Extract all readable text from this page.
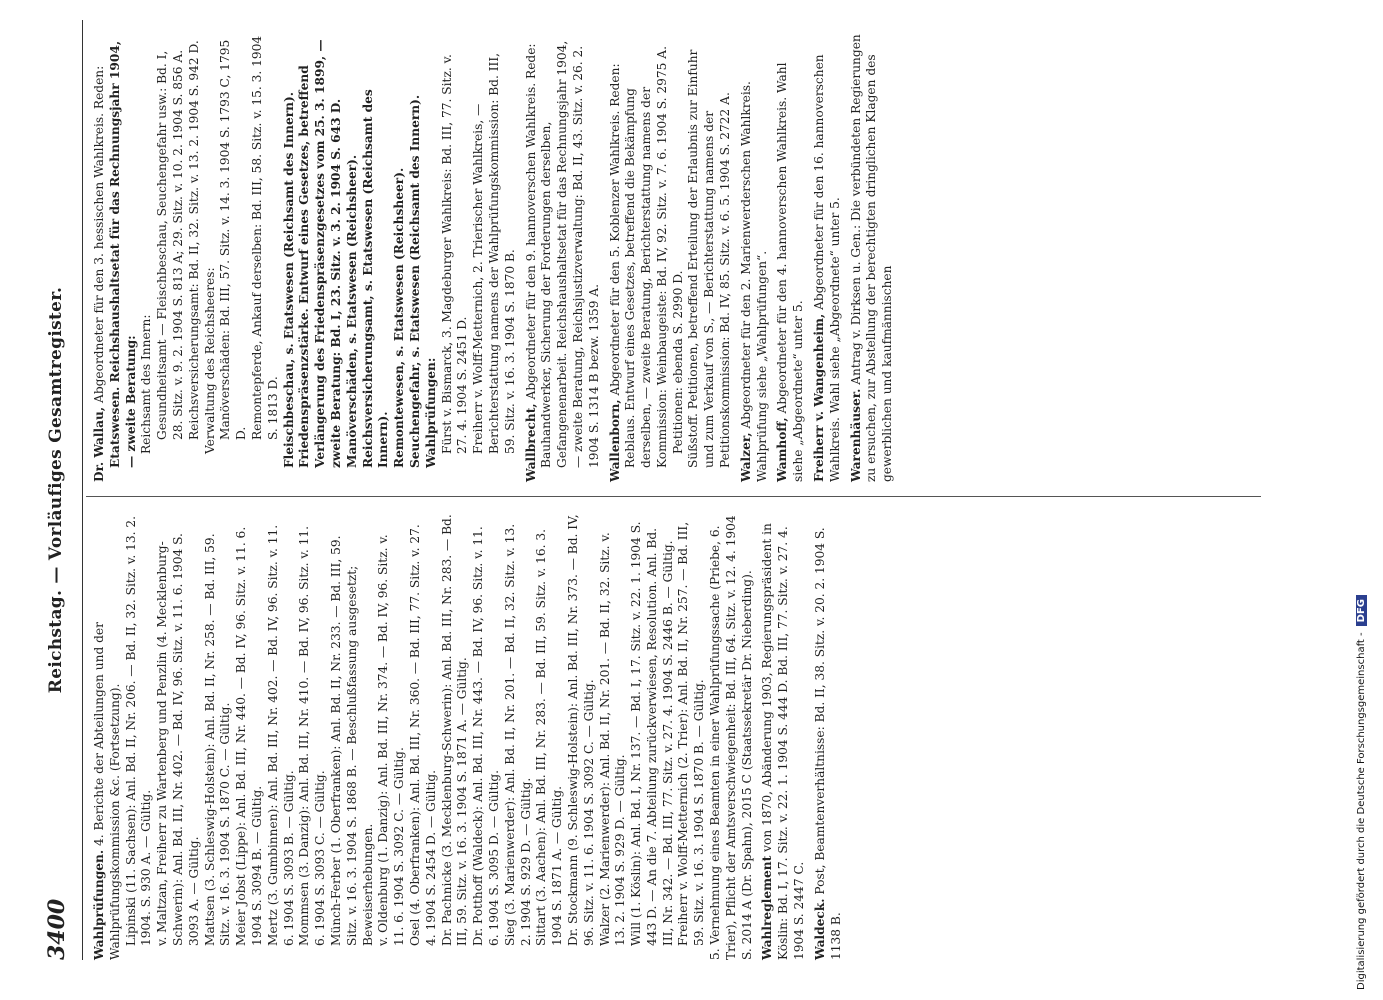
3400
Reichstag. — Vorläufiges Gesamtregister.

Wahlprüfungen. 4. Berichte der Abteilungen und der Wahlprüfungskommission &c. (Fortsetzung). Lipinski (11. Sachsen): Anl. Bd. II, Nr. 206. — Bd. II, 32. Sitz. v. 13. 2. 1904. S. 930 A. — Gültig. v. Maltzan, Freiherr zu Wartenberg und Penzlin (4. Mecklenburg-Schwerin): Anl. Bd. III, Nr. 402. — Bd. IV, 96. Sitz. v. 11. 6. 1904 S. 3093 A. — Gültig. Mattsen (3. Schleswig-Holstein): Anl. Bd. II, Nr. 258. — Bd. III, 59. Sitz. v. 16. 3. 1904 S. 1870 C. — Gültig. Meier Jobst (Lippe): Anl. Bd. III, Nr. 440. — Bd. IV, 96. Sitz. v. 11. 6. 1904 S. 3094 B. — Gültig. Mertz (3. Gumbinnen): Anl. Bd. III, Nr. 402. — Bd. IV, 96. Sitz. v. 11. 6. 1904 S. 3093 B. — Gültig. Mommsen (3. Danzig): Anl. Bd. III, Nr. 410. — Bd. IV, 96. Sitz. v. 11. 6. 1904 S. 3093 C. — Gültig. Münch-Ferber (1. Oberfranken): Anl. Bd. II, Nr. 233. — Bd. III, 59. Sitz. v. 16. 3. 1904 S. 1868 B. — Beschlußfassung ausgesetzt; Beweiserhebungen. v. Oldenburg (1. Danzig): Anl. Bd. III, Nr. 374. — Bd. IV, 96. Sitz. v. 11. 6. 1904 S. 3092 C. — Gültig. Osel (4. Oberfranken): Anl. Bd. III, Nr. 360. — Bd. III, 77. Sitz. v. 27. 4. 1904 S. 2454 D. — Gültig. Dr. Pachnicke (3. Mecklenburg-Schwerin): Anl. Bd. III, Nr. 283. — Bd. III, 59. Sitz. v. 16. 3. 1904 S. 1871 A. — Gültig. Dr. Potthoff (Waldeck): Anl. Bd. III, Nr. 443. — Bd. IV, 96. Sitz. v. 11. 6. 1904 S. 3095 D. — Gültig. Sieg (3. Marienwerder): Anl. Bd. II, Nr. 201. — Bd. II, 32. Sitz. v. 13. 2. 1904 S. 929 D. — Gültig. Sittart (3. Aachen): Anl. Bd. III, Nr. 283. — Bd. III, 59. Sitz. v. 16. 3. 1904 S. 1871 A. — Gültig. Dr. Stockmann (9. Schleswig-Holstein): Anl. Bd. III, Nr. 373. — Bd. IV, 96. Sitz. v. 11. 6. 1904 S. 3092 C. — Gültig. Walzer (2. Marienwerder): Anl. Bd. II, Nr. 201. — Bd. II, 32. Sitz. v. 13. 2. 1904 S. 929 D. — Gültig. Will (1. Köslin): Anl. Bd. I, Nr. 137. — Bd. I, 17. Sitz. v. 22. 1. 1904 S. 443 D. — An die 7. Abteilung zurückverwiesen, Resolution. Anl. Bd. III, Nr. 342. — Bd. III, 77. Sitz. v. 27. 4. 1904 S. 2446 B. — Gültig. Freiherr v. Wolff-Metternich (2. Trier): Anl. Bd. II, Nr. 257. — Bd. III, 59. Sitz. v. 16. 3. 1904 S. 1870 B. — Gültig. 5. Vernehmung eines Beamten in einer Wahlprüfungssache (Priebe, 6. Trier), Pflicht der Amtsverschwiegenheit: Bd. III, 64. Sitz. v. 12. 4. 1904 S. 2014 A (Dr. Spahn), 2015 C (Staatssekretär Dr. Nieberding). Wahlreglement von 1870, Abänderung 1903, Regierungspräsident in Köslin: Bd. I, 17. Sitz. v. 22. 1. 1904 S. 444 D. Bd. III, 77. Sitz. v. 27. 4. 1904 S. 2447 C. Waldeck. Post, Beamtenverhältnisse: Bd. II, 38. Sitz. v. 20. 2. 1904 S. 1138 B.

Dr. Wallau, Abgeordneter für den 3. hessischen Wahlkreis. Reden: Etatswesen. Reichshaushaltsetat für das Rechnungsjahr 1904, — zweite Beratung: Reichsamt des Innern: Gesundheitsamt — Fleischbeschau, Seuchengefahr usw.: Bd. I, 28. Sitz. v. 9. 2. 1904 S. 813 A; 29. Sitz. v. 10. 2. 1904 S. 856 A. Reichsversicherungsamt: Bd. II, 32. Sitz. v. 13. 2. 1904 S. 942 D. Verwaltung des Reichsheeres: Manöverschäden: Bd. III, 57. Sitz. v. 14. 3. 1904 S. 1793 C, 1795 D. Remontepferde, Ankauf derselben: Bd. III, 58. Sitz. v. 15. 3. 1904 S. 1813 D. Fleischbeschau, s. Etatswesen (Reichsamt des Innern). Friedenspräsenzstärke. Entwurf eines Gesetzes, betreffend Verlängerung des Friedenspräsenzgesetzes vom 25. 3. 1899, — zweite Beratung: Bd. I, 23. Sitz. v. 3. 2. 1904 S. 643 D. Manöverschäden, s. Etatswesen (Reichsheer). Reichsversicherungsamt, s. Etatswesen (Reichsamt des Innern). Remontewesen, s. Etatswesen (Reichsheer). Seuchengefahr, s. Etatswesen (Reichsamt des Innern). Wahlprüfungen: Fürst v. Bismarck, 3. Magdeburger Wahlkreis: Bd. III, 77. Sitz. v. 27. 4. 1904 S. 2451 D. Freiherr v. Wolff-Metternich, 2. Trierischer Wahlkreis, — Berichterstattung namens der Wahlprüfungskommission: Bd. III, 59. Sitz. v. 16. 3. 1904 S. 1870 B. Wallbrecht, Abgeordneter für den 9. hannoverschen Wahlkreis. Rede: Bauhandwerker, Sicherung der Forderungen derselben, Gefangenenarbeit. Reichshaushaltsetat für das Rechnungsjahr 1904, — zweite Beratung, Reichsjustizverwaltung: Bd. II, 43. Sitz. v. 26. 2. 1904 S. 1314 B bezw. 1359 A. Wallenborn, Abgeordneter für den 5. Koblenzer Wahlkreis. Reden: Reblaus. Entwurf eines Gesetzes, betreffend die Bekämpfung derselben, — zweite Beratung, Berichterstattung namens der Kommission: Weinbaugeiste: Bd. IV, 92. Sitz. v. 7. 6. 1904 S. 2975 A. Petitionen: ebenda S. 2990 D. Süßstoff. Petitionen, betreffend Erteilung der Erlaubnis zur Einfuhr und zum Verkauf von S., — Berichterstattung namens der Petitionskommission: Bd. IV, 85. Sitz. v. 6. 5. 1904 S. 2722 A. Walzer, Abgeordneter für den 2. Marienwerderschen Wahlkreis. Wahlprüfung siehe „Wahlprüfungen“. Wamhoff, Abgeordneter für den 4. hannoverschen Wahlkreis. Wahl siehe „Abgeordnete“ unter 5. Freiherr v. Wangenheim, Abgeordneter für den 16. hannoverschen Wahlkreis. Wahl siehe „Abgeordnete“ unter 5. Warenhäuser. Antrag v. Dirksen u. Gen.: Die verbündeten Regierungen zu ersuchen, zur Abstellung der berechtigten dringlichen Klagen des gewerblichen und kaufmännischen

Digitalisierung gefördert durch die Deutsche Forschungsgemeinschaft -DFG
